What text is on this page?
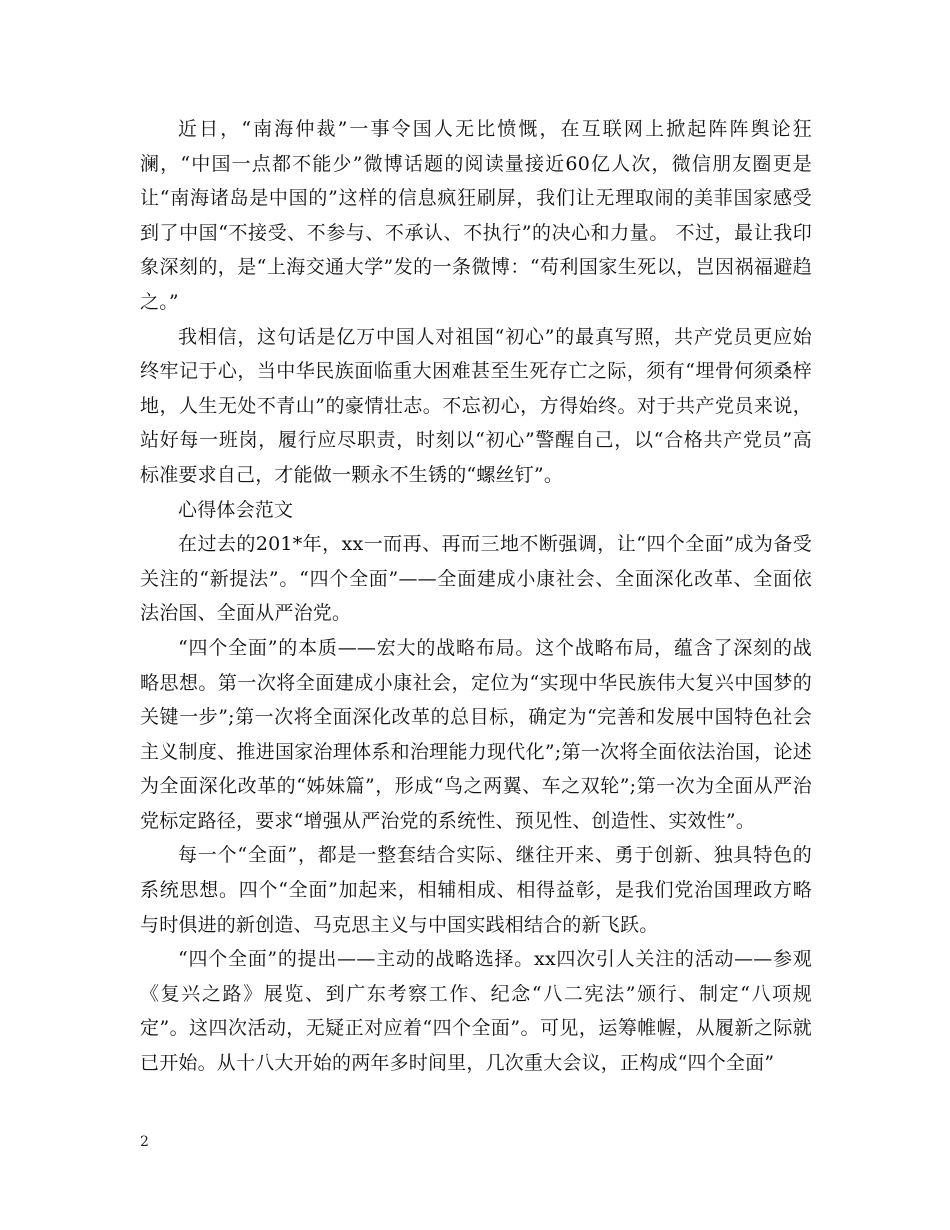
近日，“南海仲裁”一事令国人无比愤慨，在互联网上掀起阵阵舆论狂澜，“中国一点都不能少”微博话题的阅读量接近60亿人次，微信朋友圈更是让“南海诸岛是中国的”这样的信息疯狂刷屏，我们让无理取闹的美菲国家感受到了中国“不接受、不参与、不承认、不执行”的决心和力量。 不过，最让我印象深刻的，是“上海交通大学”发的一条微博：“苟利国家生死以，岂因祸福避趋之。”

我相信，这句话是亿万中国人对祖国“初心”的最真写照，共产党员更应始终牢记于心，当中华民族面临重大困难甚至生死存亡之际，须有“埋骨何须桑梓地，人生无处不青山”的豪情壮志。不忘初心，方得始终。对于共产党员来说，站好每一班岗，履行应尽职责，时刻以“初心”警醒自己，以“合格共产党员”高标准要求自己，才能做一颗永不生锈的“螺丝钉”。

心得体会范文

在过去的201*年，xx一而再、再而三地不断强调，让“四个全面”成为备受关注的“新提法”。“四个全面”——全面建成小康社会、全面深化改革、全面依法治国、全面从严治党。

“四个全面”的本质——宏大的战略布局。这个战略布局，蕴含了深刻的战略思想。第一次将全面建成小康社会，定位为“实现中华民族伟大复兴中国梦的关键一步”;第一次将全面深化改革的总目标，确定为“完善和发展中国特色社会主义制度、推进国家治理体系和治理能力现代化”;第一次将全面依法治国，论述为全面深化改革的“姊妹篇”，形成“鸟之两翼、车之双轮”;第一次为全面从严治党标定路径，要求“增强从严治党的系统性、预见性、创造性、实效性”。

每一个“全面”，都是一整套结合实际、继往开来、勇于创新、独具特色的系统思想。四个“全面”加起来，相辅相成、相得益彰，是我们党治国理政方略与时俱进的新创造、马克思主义与中国实践相结合的新飞跃。

“四个全面”的提出——主动的战略选择。xx四次引人关注的活动——参观《复兴之路》展览、到广东考察工作、纪念“八二宪法”颁行、制定“八项规定”。这四次活动，无疑正对应着“四个全面”。可见，运筹帷幄，从履新之际就已开始。从十八大开始的两年多时间里，几次重大会议，正构成“四个全面”

2
